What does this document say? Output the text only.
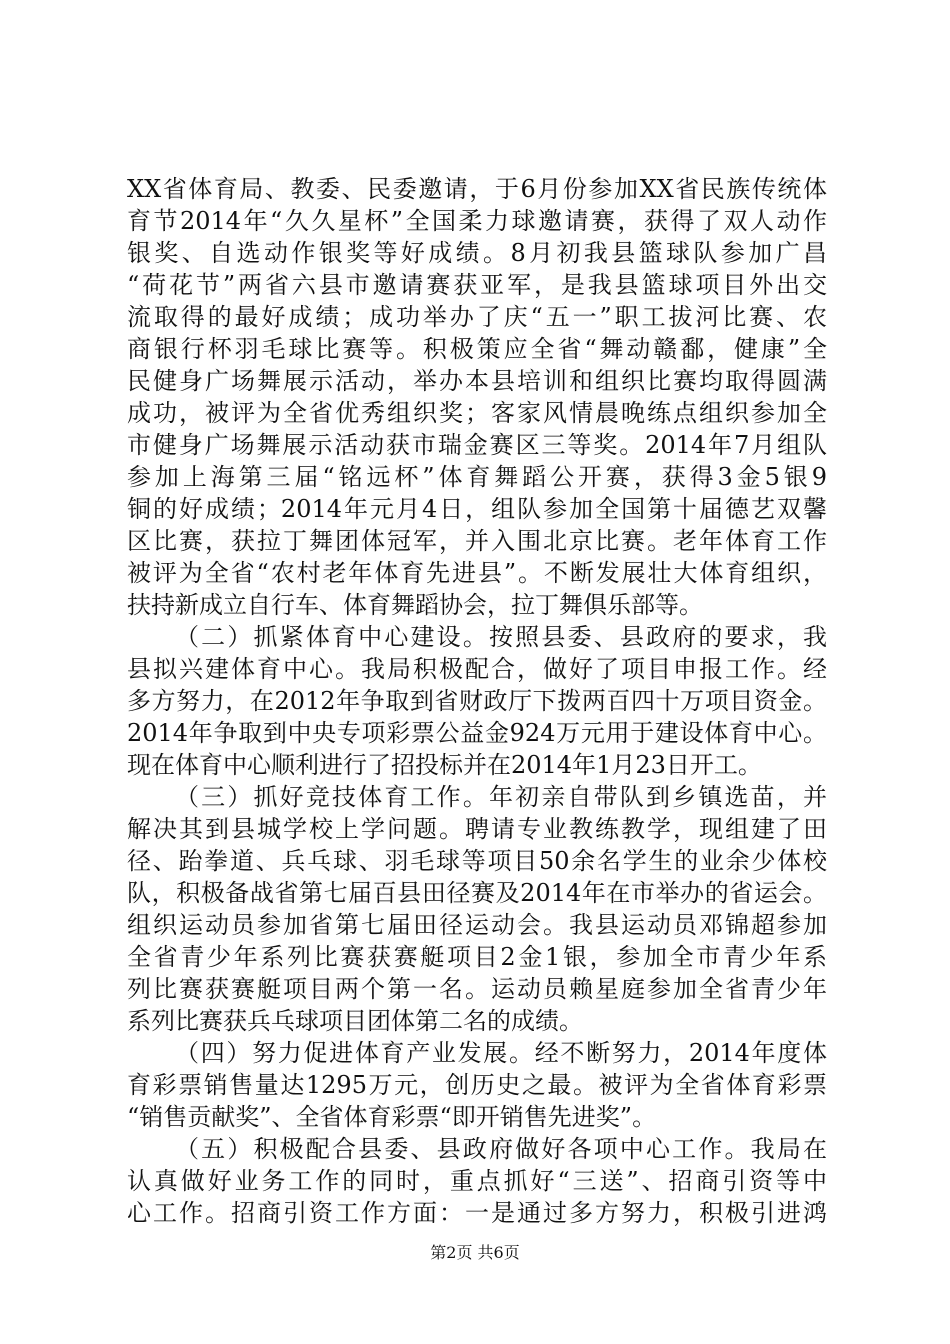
XX省体育局、教委、民委邀请，于6月份参加XX省民族传统体
育节2014年“久久星杯”全国柔力球邀请赛，获得了双人动作
银奖、自选动作银奖等好成绩。8月初我县篮球队参加广昌
“荷花节”两省六县市邀请赛获亚军，是我县篮球项目外出交
流取得的最好成绩；成功举办了庆“五一”职工拔河比赛、农
商银行杯羽毛球比赛等。积极策应全省“舞动赣鄱，健康”全
民健身广场舞展示活动，举办本县培训和组织比赛均取得圆满
成功，被评为全省优秀组织奖；客家风情晨晚练点组织参加全
市健身广场舞展示活动获市瑞金赛区三等奖。2014年7月组队
参加上海第三届“铭远杯”体育舞蹈公开赛，获得3金5银9
铜的好成绩；2014年元月4日，组队参加全国第十届德艺双馨
区比赛，获拉丁舞团体冠军，并入围北京比赛。老年体育工作
被评为全省“农村老年体育先进县”。不断发展壮大体育组织，
扶持新成立自行车、体育舞蹈协会，拉丁舞俱乐部等。
（二）抓紧体育中心建设。按照县委、县政府的要求，我
县拟兴建体育中心。我局积极配合，做好了项目申报工作。经
多方努力，在2012年争取到省财政厅下拨两百四十万项目资金。
2014年争取到中央专项彩票公益金924万元用于建设体育中心。
现在体育中心顺利进行了招投标并在2014年1月23日开工。
（三）抓好竞技体育工作。年初亲自带队到乡镇选苗，并
解决其到县城学校上学问题。聘请专业教练教学，现组建了田
径、跆拳道、兵乓球、羽毛球等项目50余名学生的业余少体校
队，积极备战省第七届百县田径赛及2014年在市举办的省运会。
组织运动员参加省第七届田径运动会。我县运动员邓锦超参加
全省青少年系列比赛获赛艇项目2金1银，参加全市青少年系
列比赛获赛艇项目两个第一名。运动员赖星庭参加全省青少年
系列比赛获兵乓球项目团体第二名的成绩。
（四）努力促进体育产业发展。经不断努力，2014年度体
育彩票销售量达1295万元，创历史之最。被评为全省体育彩票
“销售贡献奖”、全省体育彩票“即开销售先进奖”。
（五）积极配合县委、县政府做好各项中心工作。我局在
认真做好业务工作的同时，重点抓好“三送”、招商引资等中
心工作。招商引资工作方面：一是通过多方努力，积极引进鸿
第2页 共6页
